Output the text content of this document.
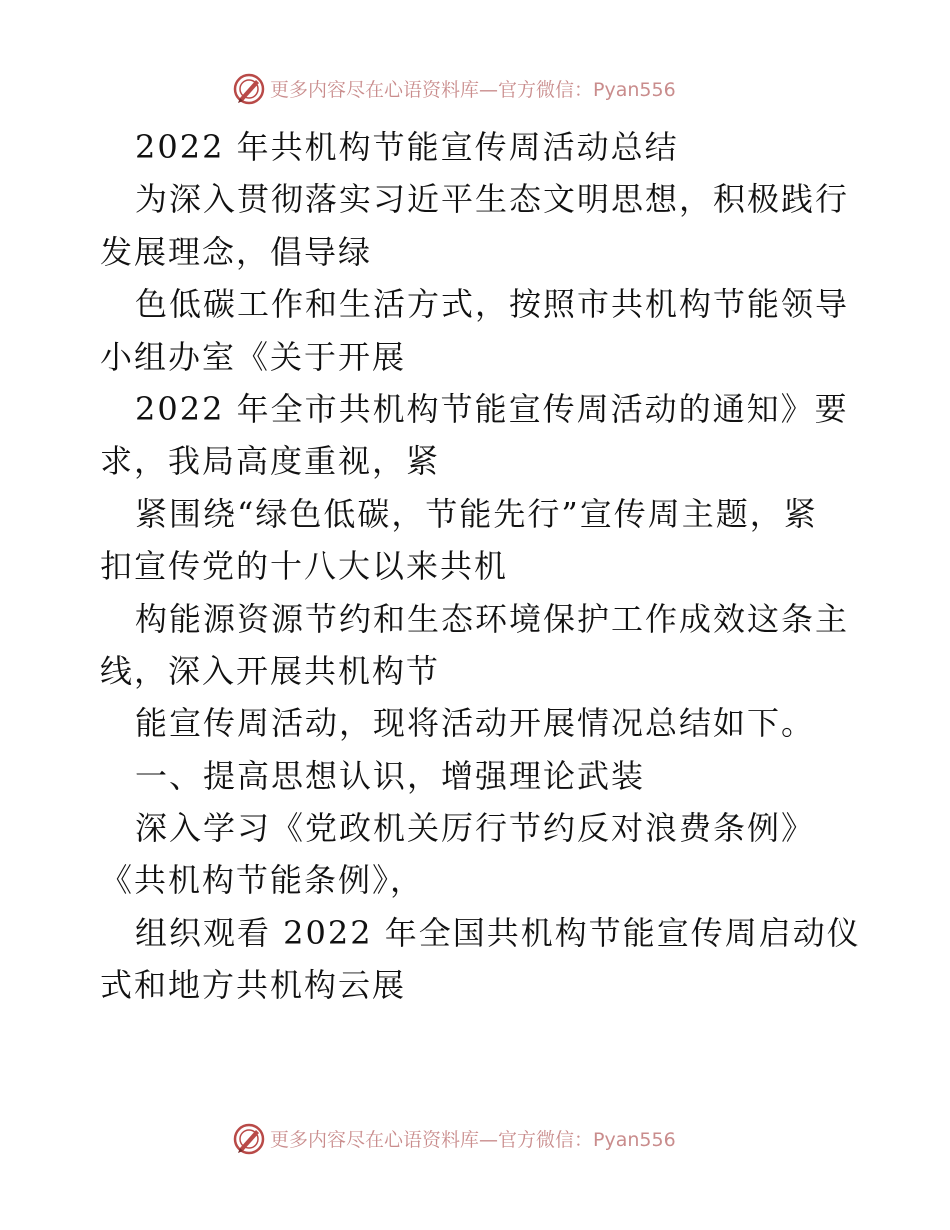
更多内容尽在心语资料库—官方微信：Pyan556
2022 年共机构节能宣传周活动总结
为深入贯彻落实习近平生态文明思想，积极践行
发展理念，倡导绿
色低碳工作和生活方式，按照市共机构节能领导
小组办室《关于开展
2022 年全市共机构节能宣传周活动的通知》要
求，我局高度重视，紧
紧围绕“绿色低碳，节能先行”宣传周主题，紧
扣宣传党的十八大以来共机
构能源资源节约和生态环境保护工作成效这条主
线，深入开展共机构节
能宣传周活动，现将活动开展情况总结如下。
一、提高思想认识，增强理论武装
深入学习《党政机关厉行节约反对浪费条例》
《共机构节能条例》，
组织观看 2022 年全国共机构节能宣传周启动仪
式和地方共机构云展
更多内容尽在心语资料库—官方微信：Pyan556
